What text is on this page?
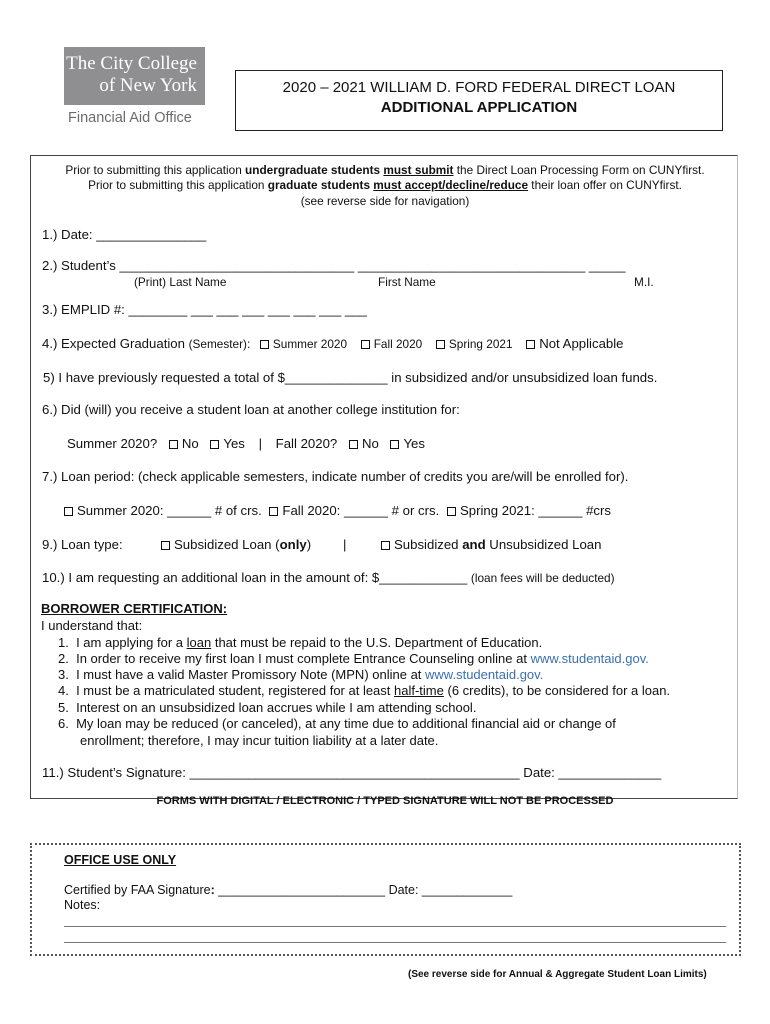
The City College
of New York
Financial Aid Office
2020 – 2021 WILLIAM D. FORD FEDERAL DIRECT LOAN
ADDITIONAL APPLICATION
Prior to submitting this application undergraduate students must submit the Direct Loan Processing Form on CUNYfirst.
Prior to submitting this application graduate students must accept/decline/reduce their loan offer on CUNYfirst.
(see reverse side for navigation)
1.) Date: _______________
2.) Student’s ________________________________ _______________________________ _____
(Print) Last Name	First Name	M.I.
3.) EMPLID #: ________ ___ ___ ___ ___ ___ ___ ___
4.) Expected Graduation (Semester): Summer 2020 Fall 2020 Spring 2021 Not Applicable
5) I have previously requested a total of $______________ in subsidized and/or unsubsidized loan funds.
6.) Did (will) you receive a student loan at another college institution for:
Summer 2020? No Yes | Fall 2020? No Yes
7.) Loan period: (check applicable semesters, indicate number of credits you are/will be enrolled for).
Summer 2020: ______ # of crs. Fall 2020: ______ # or crs. Spring 2021: ______ #crs
9.) Loan type:	Subsidized Loan (only) |	Subsidized and Unsubsidized Loan
10.) I am requesting an additional loan in the amount of: $____________ (loan fees will be deducted)
BORROWER CERTIFICATION:
I understand that:
1. I am applying for a loan that must be repaid to the U.S. Department of Education.
2. In order to receive my first loan I must complete Entrance Counseling online at www.studentaid.gov.
3. I must have a valid Master Promissory Note (MPN) online at www.studentaid.gov.
4. I must be a matriculated student, registered for at least half-time (6 credits), to be considered for a loan.
5. Interest on an unsubsidized loan accrues while I am attending school.
6. My loan may be reduced (or canceled), at any time due to additional financial aid or change of
enrollment; therefore, I may incur tuition liability at a later date.
11.) Student’s Signature: _____________________________________________ Date: ______________
FORMS WITH DIGITAL / ELECTRONIC / TYPED SIGNATURE WILL NOT BE PROCESSED
OFFICE USE ONLY
Certified by FAA Signature: ________________________ Date: _____________
Notes:
(See reverse side for Annual & Aggregate Student Loan Limits)
